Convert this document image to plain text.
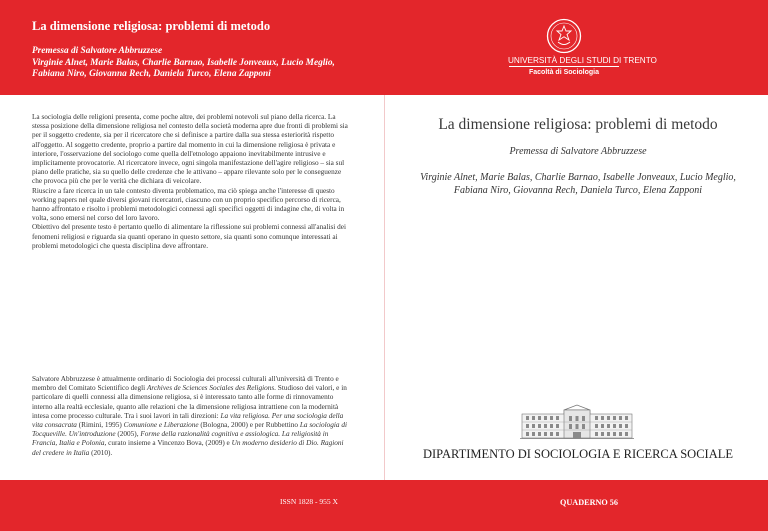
La dimensione religiosa: problemi di metodo
Premessa di Salvatore Abbruzzese
Virginie Alnet, Marie Balas, Charlie Barnao, Isabelle Jonveaux, Lucio Meglio,
Fabiana Niro, Giovanna Rech, Daniela Turco, Elena Zapponi
UNIVERSITÀ DEGLI STUDI DI TRENTO
Facoltà di Sociologia

La sociologia delle religioni presenta, come poche altre, dei problemi notevoli sul piano della ricerca. La stessa posizione della dimensione religiosa nel contesto della società moderna apre due fronti di problemi sia per il soggetto credente, sia per il ricercatore che si definisce a partire dalla sua stessa esteriorità rispetto all'oggetto. Al soggetto credente, proprio a partire dal momento in cui la dimensione religiosa è privata e interiore, l'osservazione del sociologo come quella dell'etnologo appaiono inevitabilmente intrusive e implicitamente provocatorie. Al ricercatore invece, ogni singola manifestazione dell'agire religioso – sia sul piano delle pratiche, sia su quello delle credenze che le attivano – appare rilevante solo per le conseguenze che provoca più che per le verità che dichiara di veicolare.

Riuscire a fare ricerca in un tale contesto diventa problematico, ma ciò spiega anche l'interesse di questo working papers nel quale diversi giovani ricercatori, ciascuno con un proprio specifico percorso di ricerca, hanno affrontato e risolto i problemi metodologici connessi agli specifici oggetti di indagine che, di volta in volta, sono emersi nel corso del loro lavoro.

Obiettivo del presente testo è pertanto quello di alimentare la riflessione sui problemi connessi all'analisi dei fenomeni religiosi e riguarda sia quanti operano in questo settore, sia quanti sono comunque interessati ai problemi metodologici che questa disciplina deve affrontare.

Salvatore Abbruzzese è attualmente ordinario di Sociologia dei processi culturali all'università di Trento e membro del Comitato Scientifico degli Archives de Sciences Sociales des Religions. Studioso dei valori, e in particolare di quelli connessi alla dimensione religiosa, si è interessato tanto alle forme di rinnovamento interno alla realtà ecclesiale, quanto alle relazioni che la dimensione religiosa intrattiene con la modernità intesa come processo culturale. Tra i suoi lavori in tali direzioni: La vita religiosa. Per una sociologia della vita consacrata (Rimini, 1995) Comunione e Liberazione (Bologna, 2000) e per Rubbettino La sociologia di Tocqueville. Un'introduzione (2005), Forme della razionalità cognitiva e assiologica. La religiosità in Francia, Italia e Polonia, curato insieme a Vincenzo Bova, (2009) e Un moderno desiderio di Dio. Ragioni del credere in Italia (2010).

La dimensione religiosa: problemi di metodo
Premessa di Salvatore Abbruzzese
Virginie Alnet, Marie Balas, Charlie Barnao, Isabelle Jonveaux, Lucio Meglio,
Fabiana Niro, Giovanna Rech, Daniela Turco, Elena Zapponi
DIPARTIMENTO DI SOCIOLOGIA E RICERCA SOCIALE
ISSN 1828 - 955 X	QUADERNO 56
